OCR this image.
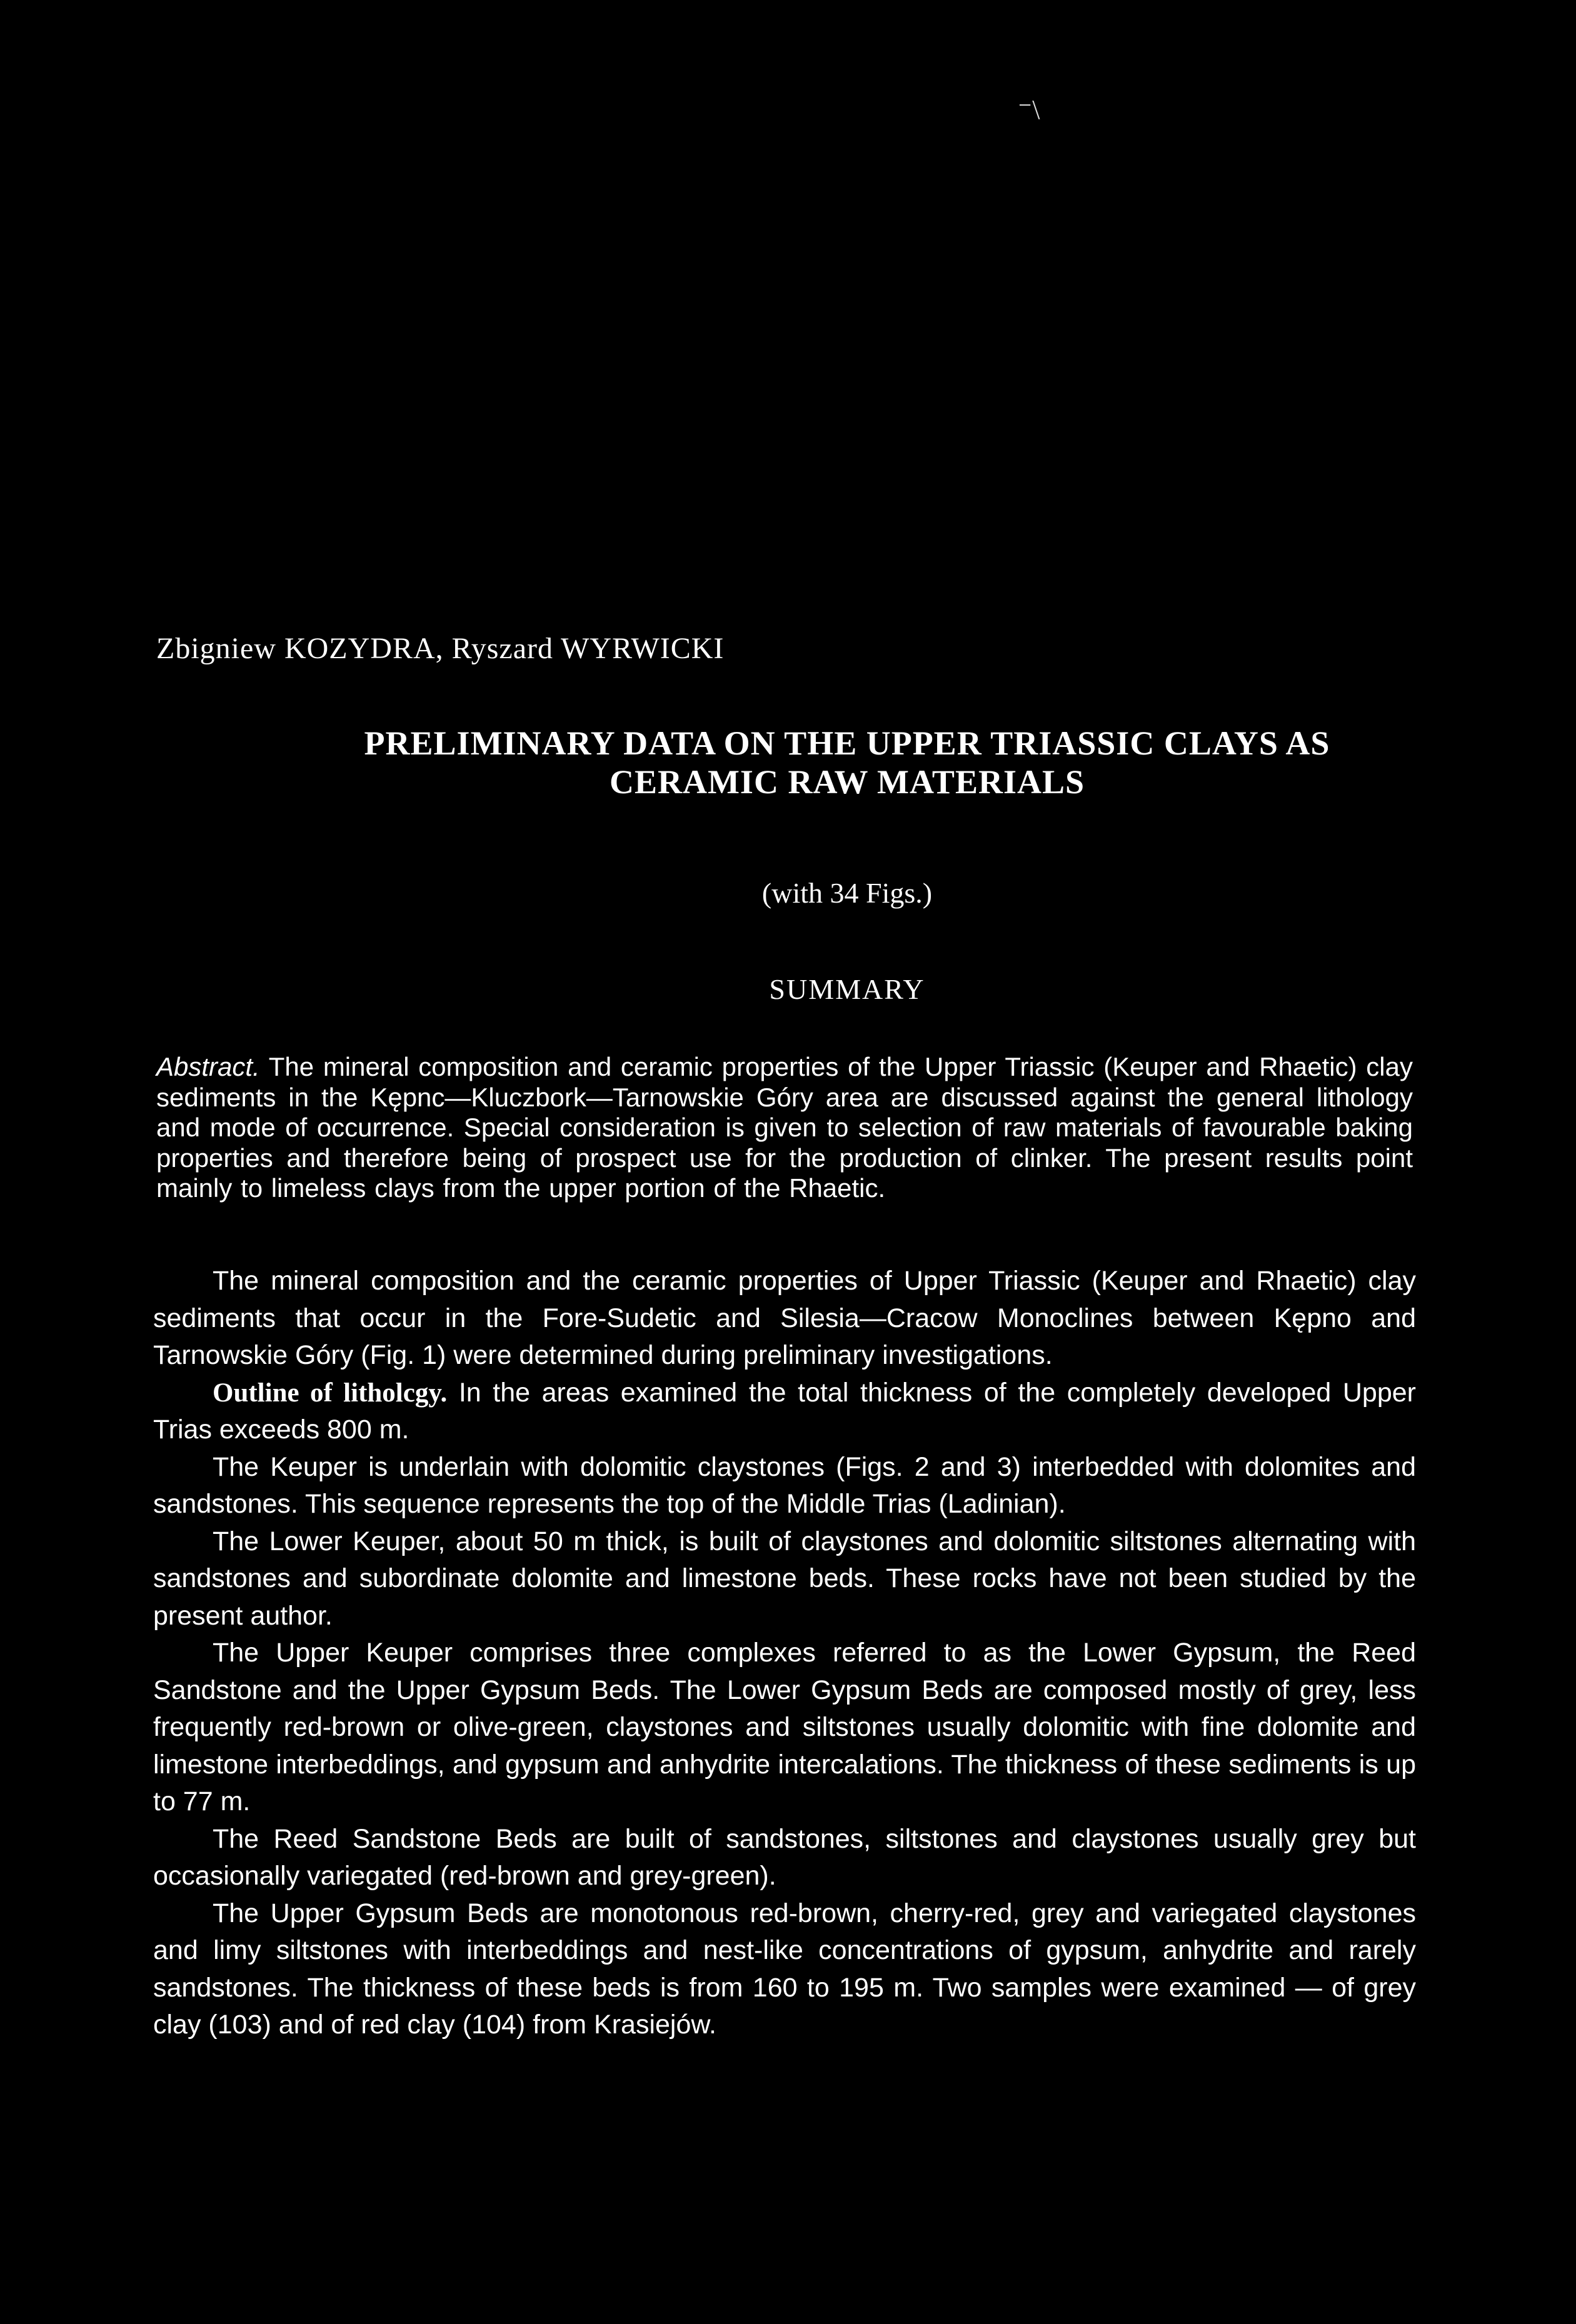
⁻\
Zbigniew KOZYDRA, Ryszard WYRWICKI
PRELIMINARY DATA ON THE UPPER TRIASSIC CLAYS AS
CERAMIC RAW MATERIALS
(with 34 Figs.)
SUMMARY
Abstract. The mineral composition and ceramic properties of the Upper Triassic (Keuper and Rhaetic) clay sediments in the Kępnc—Kluczbork—Tarnowskie Góry area are discussed against the general lithology and mode of occurrence. Special consideration is given to selection of raw materials of favourable baking properties and therefore being of prospect use for the production of clinker. The present results point mainly to limeless clays from the upper portion of the Rhaetic.

The mineral composition and the ceramic properties of Upper Triassic (Keuper and Rhaetic) clay sediments that occur in the Fore-Sudetic and Silesia—Cracow Monoclines between Kępno and Tarnowskie Góry (Fig. 1) were determined during preliminary investigations.

Outline of litholcgy. In the areas examined the total thickness of the completely developed Upper Trias exceeds 800 m.

The Keuper is underlain with dolomitic claystones (Figs. 2 and 3) interbedded with dolomites and sandstones. This sequence represents the top of the Middle Trias (Ladinian).

The Lower Keuper, about 50 m thick, is built of claystones and dolomitic siltstones alternating with sandstones and subordinate dolomite and limestone beds. These rocks have not been studied by the present author.

The Upper Keuper comprises three complexes referred to as the Lower Gypsum, the Reed Sandstone and the Upper Gypsum Beds. The Lower Gypsum Beds are composed mostly of grey, less frequently red-brown or olive-green, claystones and siltstones usually dolomitic with fine dolomite and limestone interbeddings, and gypsum and anhydrite intercalations. The thickness of these sediments is up to 77 m.

The Reed Sandstone Beds are built of sandstones, siltstones and claystones usually grey but occasionally variegated (red-brown and grey-green).

The Upper Gypsum Beds are monotonous red-brown, cherry-red, grey and variegated claystones and limy siltstones with interbeddings and nest-like concentrations of gypsum, anhydrite and rarely sandstones. The thickness of these beds is from 160 to 195 m. Two samples were examined — of grey clay (103) and of red clay (104) from Krasiejów.
